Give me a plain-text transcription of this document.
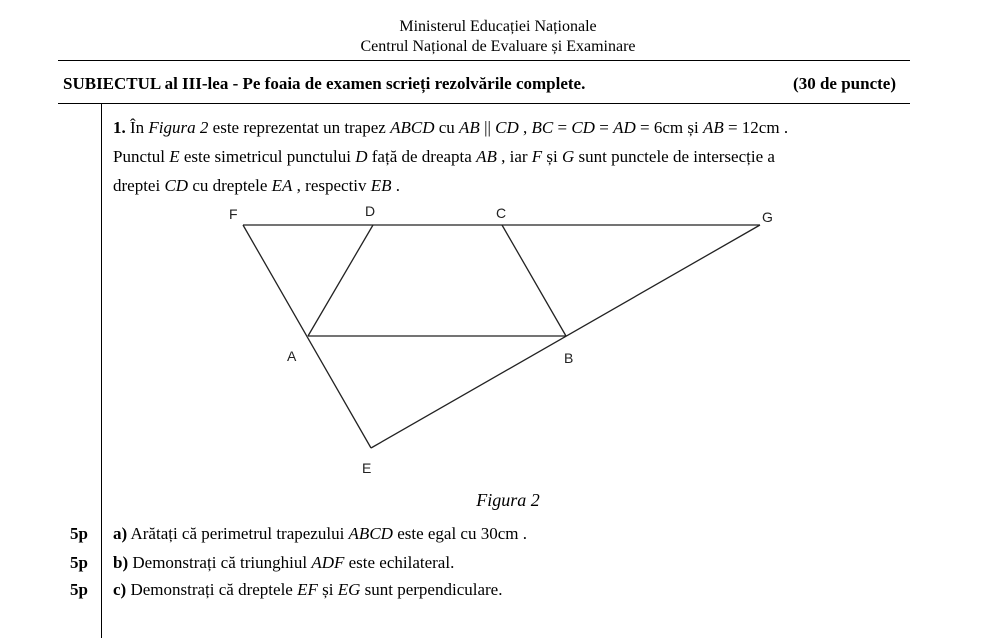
Ministerul Educației Naționale
Centrul Național de Evaluare și Examinare
SUBIECTUL al III-lea - Pe foaia de examen scrieți rezolvările complete.	(30 de puncte)
1. În Figura 2 este reprezentat un trapez ABCD cu AB || CD , BC = CD = AD = 6cm și AB = 12cm .
Punctul E este simetricul punctului D față de dreapta AB , iar F și G sunt punctele de intersecție a
dreptei CD cu dreptele EA , respectiv EB .
F	D	C	G
A	B
E
Figura 2
5p a) Arătați că perimetrul trapezului ABCD este egal cu 30cm .
5p b) Demonstrați că triunghiul ADF este echilateral.
5p c) Demonstrați că dreptele EF și EG sunt perpendiculare.
